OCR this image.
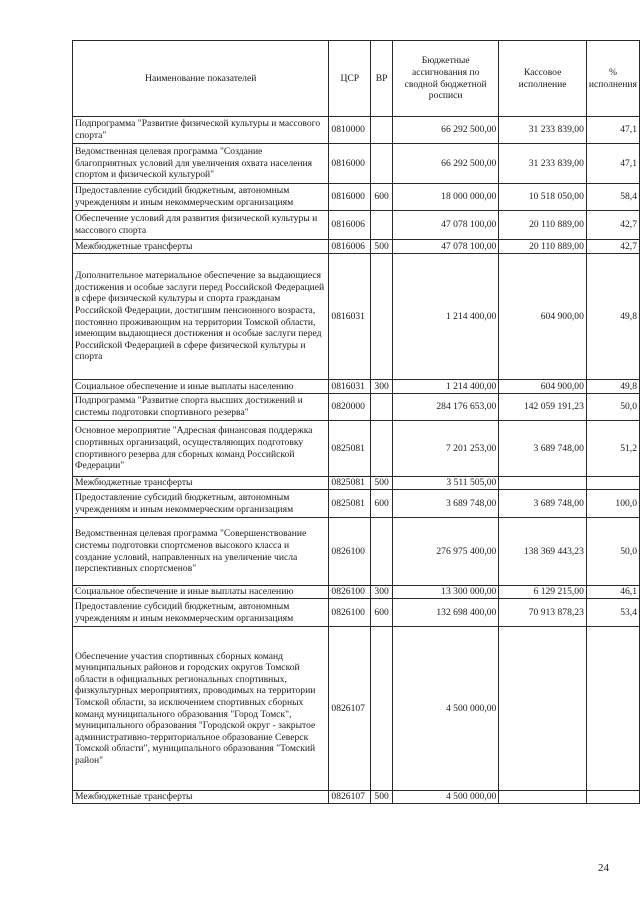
Наименование показателей	ЦСР	ВР	Бюджетные ассигнования по сводной бюджетной росписи	Кассовое исполнение	% исполнения
Подпрограмма "Развитие физической культуры и массового спорта"	0810000		66 292 500,00	31 233 839,00	47,1
Ведомственная целевая программа "Создание благоприятных условий для увеличения охвата населения спортом и физической культурой"	0816000		66 292 500,00	31 233 839,00	47,1
Предоставление субсидий бюджетным, автономным учреждениям и иным некоммерческим организациям	0816000	600	18 000 000,00	10 518 050,00	58,4
Обеспечение условий для развития физической культуры и массового спорта	0816006		47 078 100,00	20 110 889,00	42,7
Межбюджетные трансферты	0816006	500	47 078 100,00	20 110 889,00	42,7
Дополнительное материальное обеспечение за выдающиеся достижения и особые заслуги перед Российской Федерацией в сфере физической культуры и спорта гражданам Российской Федерации, достигшим пенсионного возраста, постоянно проживающим на территории Томской области, имеющим выдающиеся достижения и особые заслуги перед Российской Федерацией в сфере физической культуры и спорта	0816031		1 214 400,00	604 900,00	49,8
Социальное обеспечение и иные выплаты населению	0816031	300	1 214 400,00	604 900,00	49,8
Подпрограмма "Развитие спорта высших достижений и системы подготовки спортивного резерва"	0820000		284 176 653,00	142 059 191,23	50,0
Основное мероприятие "Адресная финансовая поддержка спортивных организаций, осуществляющих подготовку спортивного резерва для сборных команд Российской Федерации"	0825081		7 201 253,00	3 689 748,00	51,2
Межбюджетные трансферты	0825081	500	3 511 505,00		
Предоставление субсидий бюджетным, автономным учреждениям и иным некоммерческим организациям	0825081	600	3 689 748,00	3 689 748,00	100,0
Ведомственная целевая программа "Совершенствование системы подготовки спортсменов высокого класса и создание условий, направленных на увеличение числа перспективных спортсменов"	0826100		276 975 400,00	138 369 443,23	50,0
Социальное обеспечение и иные выплаты населению	0826100	300	13 300 000,00	6 129 215,00	46,1
Предоставление субсидий бюджетным, автономным учреждениям и иным некоммерческим организациям	0826100	600	132 698 400,00	70 913 878,23	53,4
Обеспечение участия спортивных сборных команд муниципальных районов и городских округов Томской области в официальных региональных спортивных, физкультурных мероприятиях, проводимых на территории Томской области, за исключением спортивных сборных команд муниципального образования "Город Томск", муниципального образования "Городской округ - закрытое административно-территориальное образование Северск Томской области", муниципального образования "Томский район"	0826107		4 500 000,00		
Межбюджетные трансферты	0826107	500	4 500 000,00		
24
